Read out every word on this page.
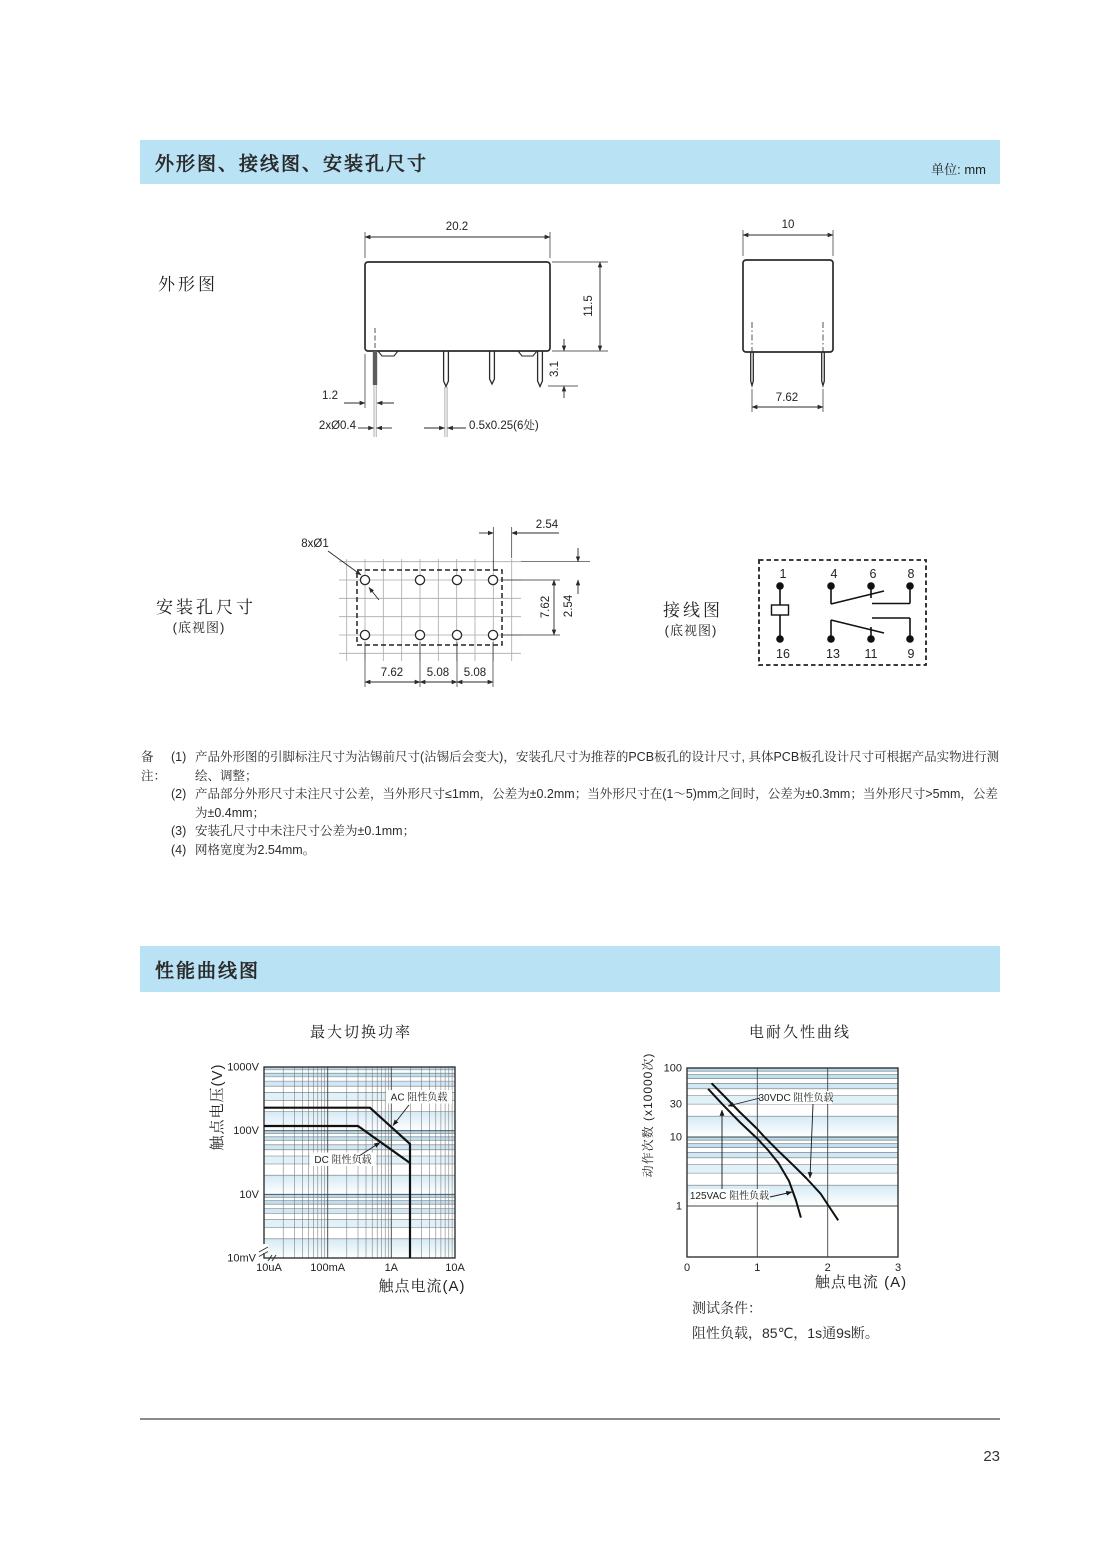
外形图、接线图、安装孔尺寸	单位: mm
外形图
20.2
11.5
3.1
1.2
2xØ0.4	0.5x0.25(6处)
10
7.62
安装孔尺寸
(底视图)
8xØ1
2.54
7.62 2.54
7.62 5.08 5.08
接线图
(底视图)
1	4	6 8
16	13 11 9
备注：
(1) 产品外形图的引脚标注尺寸为沾锡前尺寸(沾锡后会变大)，安装孔尺寸为推荐的PCB板孔的设计尺寸, 具体PCB板孔设计尺寸可根据产品实物进行测绘、调整；
(2) 产品部分外形尺寸未注尺寸公差，当外形尺寸≤1mm，公差为±0.2mm；当外形尺寸在(1～5)mm之间时，公差为±0.3mm；当外形尺寸>5mm，公差为±0.4mm；
(3) 安装孔尺寸中未注尺寸公差为±0.1mm；
(4) 网格宽度为2.54mm。
性能曲线图
最大切换功率
AC 阻性负载
DC 阻性负载
1000V
100V
10V
10mV
10uA	100mA	1A	10A
触点电压(V)
触点电流(A)
电耐久性曲线
30VDC 阻性负载
125VAC 阻性负载
100
30
10
1
0	1	2	3
动作次数 (x10000次)
触点电流 (A)
测试条件：
阻性负载，85℃，1s通9s断。
23
